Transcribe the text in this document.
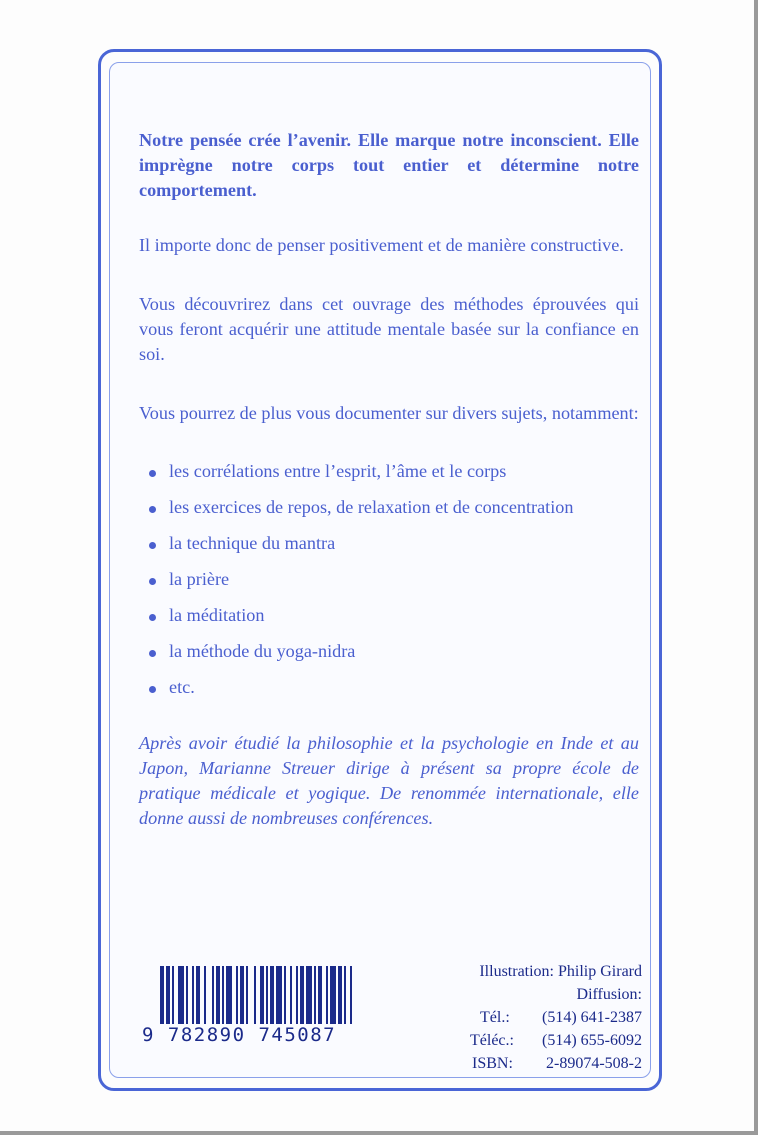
Notre pensée crée l’avenir. Elle marque notre inconscient. Elle imprègne notre corps tout entier et détermine notre comportement.

Il importe donc de penser positivement et de manière constructive.

Vous découvrirez dans cet ouvrage des méthodes éprouvées qui vous feront acquérir une attitude mentale basée sur la confiance en soi.

Vous pourrez de plus vous documenter sur divers sujets, notamment:

les corrélations entre l’esprit, l’âme et le corps
les exercices de repos, de relaxation et de concentration
la technique du mantra
la prière
la méditation
la méthode du yoga-nidra
etc.

Après avoir étudié la philosophie et la psychologie en Inde et au Japon, Marianne Streuer dirige à présent sa propre école de pratique médicale et yogique. De renommée internationale, elle donne aussi de nombreuses conférences.

9 782890 745087
Illustration: Philip Girard
Diffusion:
Tél.: (514) 641-2387
Téléc.: (514) 655-6092
ISBN: 2-89074-508-2
